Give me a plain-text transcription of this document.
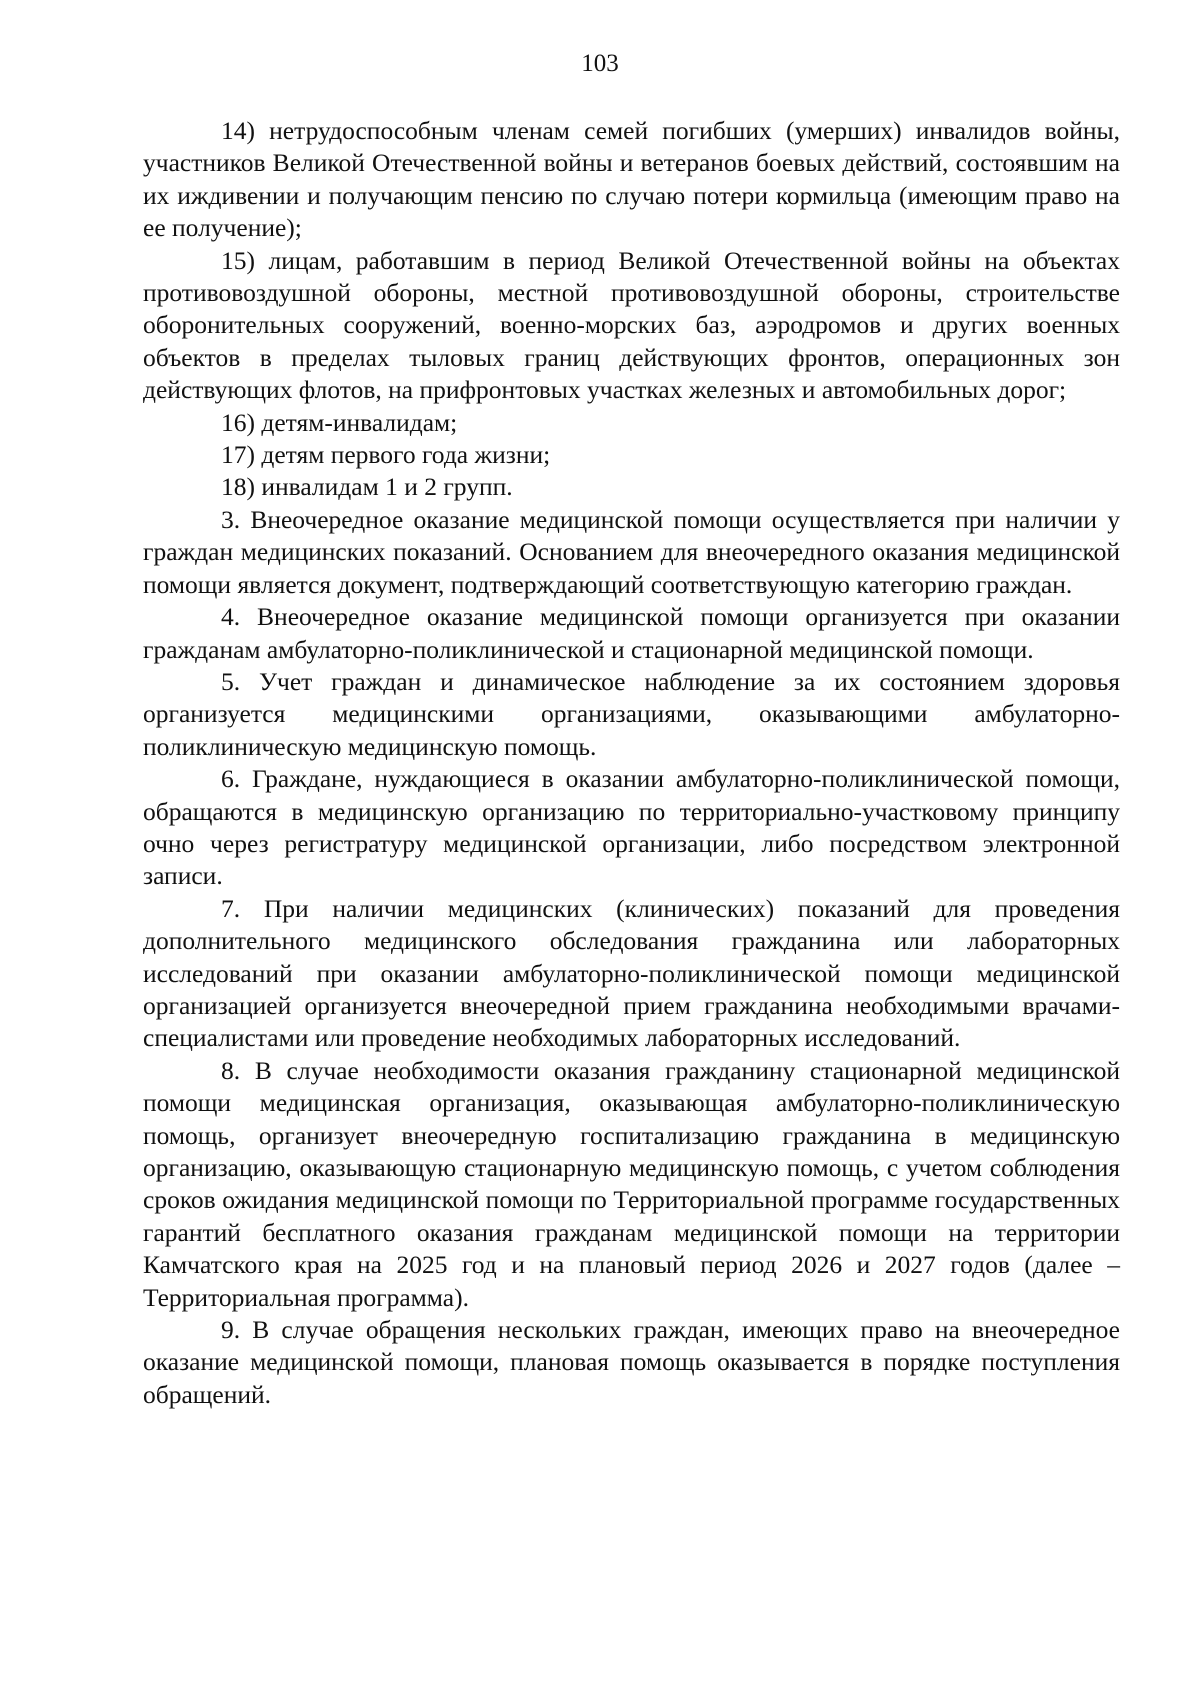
103

14) нетрудоспособным членам семей погибших (умерших) инвалидов войны, участников Великой Отечественной войны и ветеранов боевых действий, состоявшим на их иждивении и получающим пенсию по случаю потери кормильца (имеющим право на ее получение);

15) лицам, работавшим в период Великой Отечественной войны на объектах противовоздушной обороны, местной противовоздушной обороны, строительстве оборонительных сооружений, военно-морских баз, аэродромов и других военных объектов в пределах тыловых границ действующих фронтов, операционных зон действующих флотов, на прифронтовых участках железных и автомобильных дорог;

16) детям-инвалидам;

17) детям первого года жизни;

18) инвалидам 1 и 2 групп.

3. Внеочередное оказание медицинской помощи осуществляется при наличии у граждан медицинских показаний. Основанием для внеочередного оказания медицинской помощи является документ, подтверждающий соответствующую категорию граждан.

4. Внеочередное оказание медицинской помощи организуется при оказании гражданам амбулаторно-поликлинической и стационарной медицинской помощи.

5. Учет граждан и динамическое наблюдение за их состоянием здоровья организуется медицинскими организациями, оказывающими амбулаторно-поликлиническую медицинскую помощь.

6. Граждане, нуждающиеся в оказании амбулаторно-поликлинической помощи, обращаются в медицинскую организацию по территориально-участковому принципу очно через регистратуру медицинской организации, либо посредством электронной записи.

7. При наличии медицинских (клинических) показаний для проведения дополнительного медицинского обследования гражданина или лабораторных исследований при оказании амбулаторно-поликлинической помощи медицинской организацией организуется внеочередной прием гражданина необходимыми врачами-специалистами или проведение необходимых лабораторных исследований.

8. В случае необходимости оказания гражданину стационарной медицинской помощи медицинская организация, оказывающая амбулаторно-поликлиническую помощь, организует внеочередную госпитализацию гражданина в медицинскую организацию, оказывающую стационарную медицинскую помощь, с учетом соблюдения сроков ожидания медицинской помощи по Территориальной программе государственных гарантий бесплатного оказания гражданам медицинской помощи на территории Камчатского края на 2025 год и на плановый период 2026 и 2027 годов (далее – Территориальная программа).

9. В случае обращения нескольких граждан, имеющих право на внеочередное оказание медицинской помощи, плановая помощь оказывается в порядке поступления обращений.
